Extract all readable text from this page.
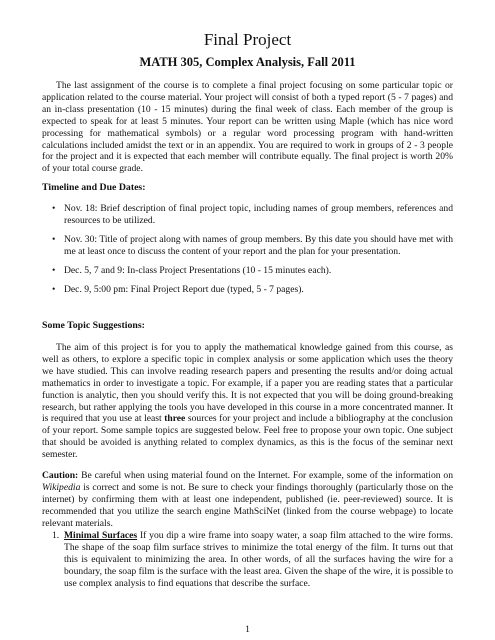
Final Project
MATH 305, Complex Analysis, Fall 2011
The last assignment of the course is to complete a final project focusing on some particular topic or application related to the course material. Your project will consist of both a typed report (5 - 7 pages) and an in-class presentation (10 - 15 minutes) during the final week of class. Each member of the group is expected to speak for at least 5 minutes. Your report can be written using Maple (which has nice word processing for mathematical symbols) or a regular word processing program with hand-written calculations included amidst the text or in an appendix. You are required to work in groups of 2 - 3 people for the project and it is expected that each member will contribute equally. The final project is worth 20% of your total course grade.
Timeline and Due Dates:
• Nov. 18: Brief description of final project topic, including names of group members, references and resources to be utilized.
• Nov. 30: Title of project along with names of group members. By this date you should have met with me at least once to discuss the content of your report and the plan for your presentation.
• Dec. 5, 7 and 9: In-class Project Presentations (10 - 15 minutes each).
• Dec. 9, 5:00 pm: Final Project Report due (typed, 5 - 7 pages).
Some Topic Suggestions:
The aim of this project is for you to apply the mathematical knowledge gained from this course, as well as others, to explore a specific topic in complex analysis or some application which uses the theory we have studied. This can involve reading research papers and presenting the results and/or doing actual mathematics in order to investigate a topic. For example, if a paper you are reading states that a particular function is analytic, then you should verify this. It is not expected that you will be doing ground-breaking research, but rather applying the tools you have developed in this course in a more concentrated manner. It is required that you use at least three sources for your project and include a bibliography at the conclusion of your report. Some sample topics are suggested below. Feel free to propose your own topic. One subject that should be avoided is anything related to complex dynamics, as this is the focus of the seminar next semester.
Caution: Be careful when using material found on the Internet. For example, some of the information on Wikipedia is correct and some is not. Be sure to check your findings thoroughly (particularly those on the internet) by confirming them with at least one independent, published (ie. peer-reviewed) source. It is recommended that you utilize the search engine MathSciNet (linked from the course webpage) to locate relevant materials.
1. Minimal Surfaces If you dip a wire frame into soapy water, a soap film attached to the wire forms. The shape of the soap film surface strives to minimize the total energy of the film. It turns out that this is equivalent to minimizing the area. In other words, of all the surfaces having the wire for a boundary, the soap film is the surface with the least area. Given the shape of the wire, it is possible to use complex analysis to find equations that describe the surface.
1
